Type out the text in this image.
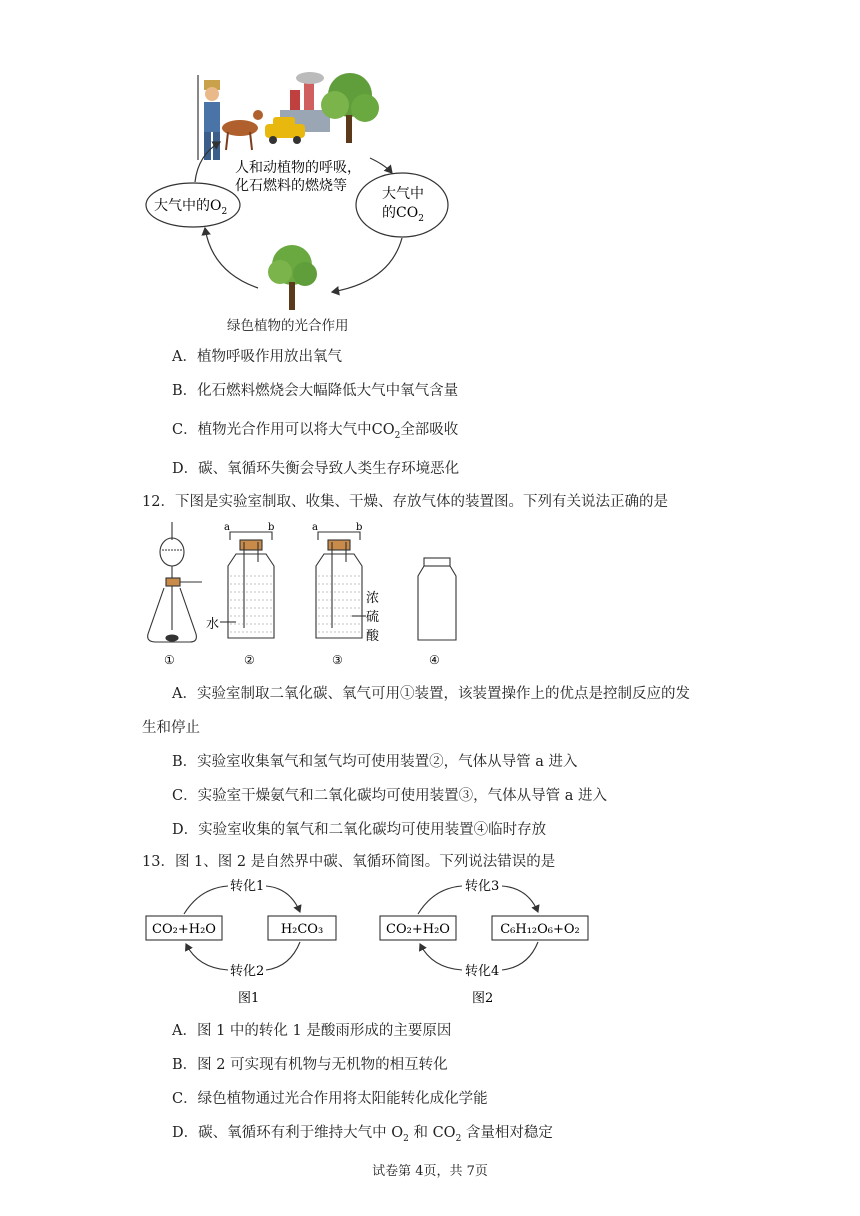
人和动植物的呼吸，
化石燃料的燃烧等
大气中的$O_2$
大气中
的$CO_2$
绿色植物的光合作用
A．植物呼吸作用放出氧气
B．化石燃料燃烧会大幅降低大气中氧气含量
C．植物光合作用可以将大气中$CO_2$全部吸收
D．碳、氧循环失衡会导致人类生存环境恶化
12．下图是实验室制取、收集、干燥、存放气体的装置图。下列有关说法正确的是
①
a	b
水
②
a	b
浓
硫
酸
③	④
A．实验室制取二氧化碳、氧气可用①装置，该装置操作上的优点是控制反应的发
生和停止
B．实验室收集氧气和氢气均可使用装置②，气体从导管 a 进入
C．实验室干燥氨气和二氧化碳均可使用装置③，气体从导管 a 进入
D．实验室收集的氧气和二氧化碳均可使用装置④临时存放
13．图 1、图 2 是自然界中碳、氧循环简图。下列说法错误的是
CO₂+H₂O	H₂CO₃
转化1
转化2
图1
CO₂+H₂O	C₆H₁₂O₆+O₂
转化3
转化4
图2
A．图 1 中的转化 1 是酸雨形成的主要原因
B．图 2 可实现有机物与无机物的相互转化
C．绿色植物通过光合作用将太阳能转化成化学能
D．碳、氧循环有利于维持大气中 $O_2$ 和 $CO_2$ 含量相对稳定
试卷第 4页，共 7页
